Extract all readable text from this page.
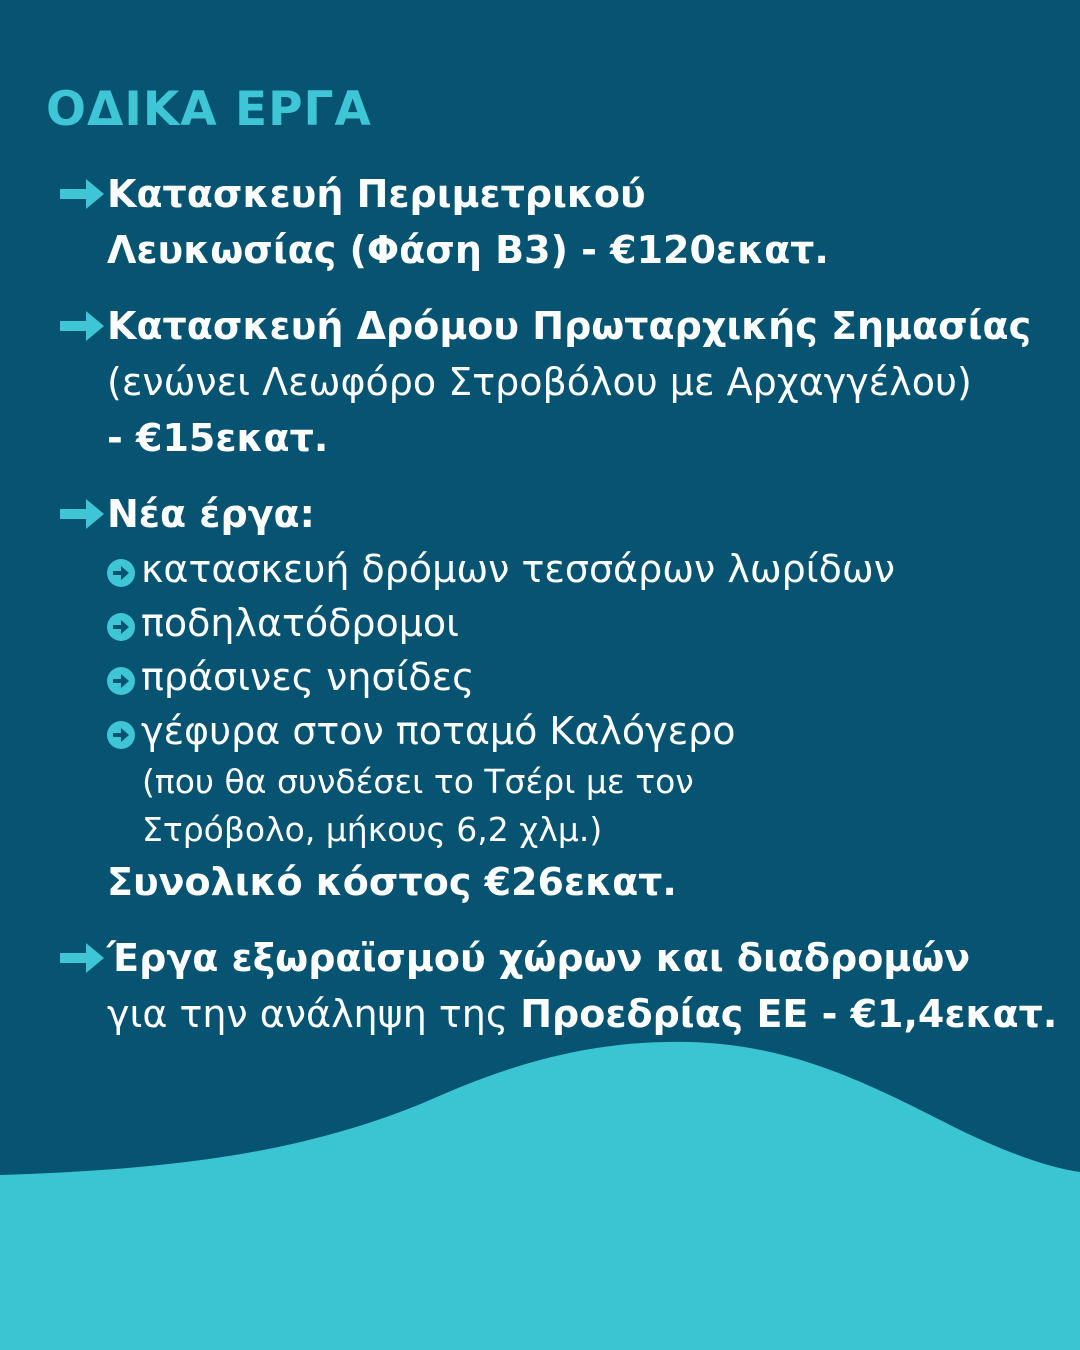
ΟΔΙΚΑ ΕΡΓΑ
Κατασκευή Περιμετρικού
Λευκωσίας (Φάση Β3) - €120εκατ.
Κατασκευή Δρόμου Πρωταρχικής Σημασίας
(ενώνει Λεωφόρο Στροβόλου με Αρχαγγέλου)
- €15εκατ.
Νέα έργα:
κατασκευή δρόμων τεσσάρων λωρίδων
ποδηλατόδρομοι
πράσινες νησίδες
γέφυρα στον ποταμό Καλόγερο
(που θα συνδέσει το Τσέρι με τον
Στρόβολο, μήκους 6,2 χλμ.)
Συνολικό κόστος €26εκατ.
Έργα εξωραϊσμού χώρων και διαδρομών
για την ανάληψη της Προεδρίας ΕΕ - €1,4εκατ.
